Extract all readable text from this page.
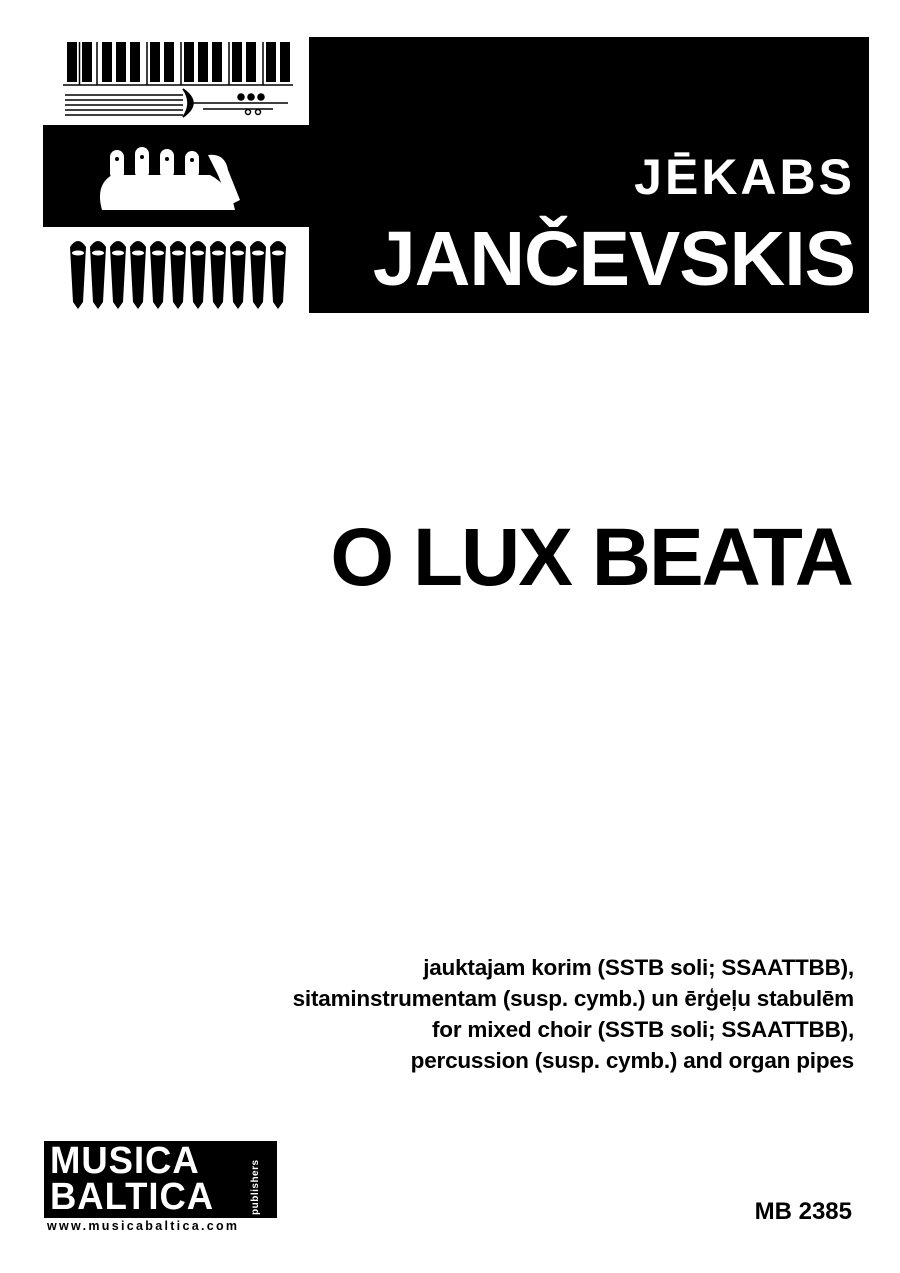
JĒKABS
JANČEVSKIS
O LUX BEATA
jauktajam korim (SSTB soli; SSAATTBB),
sitaminstrumentam (susp. cymb.) un ērģeļu stabulēm
for mixed choir (SSTB soli; SSAATTBB),
percussion (susp. cymb.) and organ pipes
MUSICA
BALTICA	publishers
www.musicabaltica.com
MB 2385
